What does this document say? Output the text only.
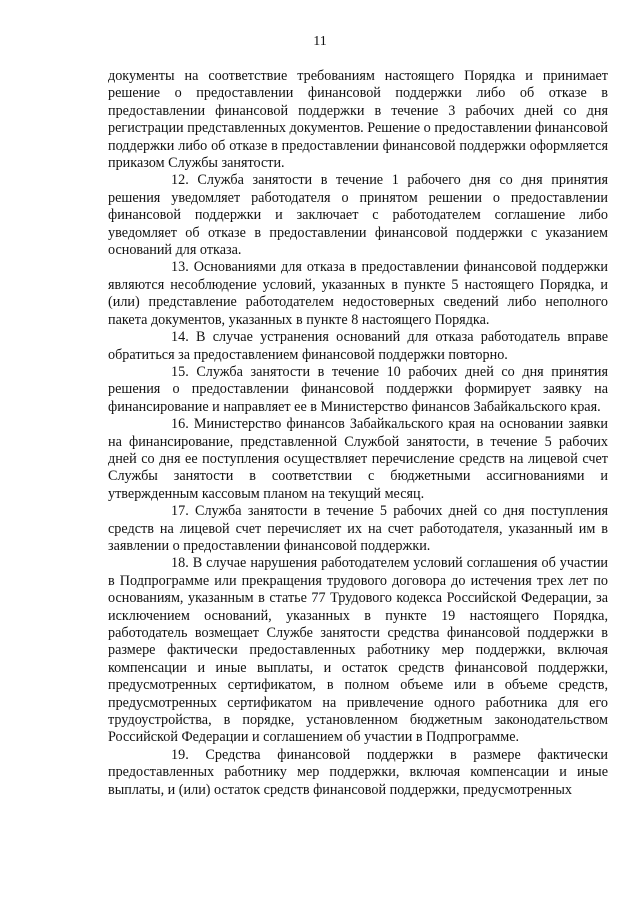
11

документы на соответствие требованиям настоящего Порядка и принимает решение о предоставлении финансовой поддержки либо об отказе в предоставлении финансовой поддержки в течение 3 рабочих дней со дня регистрации представленных документов. Решение о предоставлении финансовой поддержки либо об отказе в предоставлении финансовой поддержки оформляется приказом Службы занятости.

12. Служба занятости в течение 1 рабочего дня со дня принятия решения уведомляет работодателя о принятом решении о предоставлении финансовой поддержки и заключает с работодателем соглашение либо уведомляет об отказе в предоставлении финансовой поддержки с указанием оснований для отказа.

13. Основаниями для отказа в предоставлении финансовой поддержки являются несоблюдение условий, указанных в пункте 5 настоящего Порядка, и (или) представление работодателем недостоверных сведений либо неполного пакета документов, указанных в пункте 8 настоящего Порядка.

14. В случае устранения оснований для отказа работодатель вправе обратиться за предоставлением финансовой поддержки повторно.

15. Служба занятости в течение 10 рабочих дней со дня принятия решения о предоставлении финансовой поддержки формирует заявку на финансирование и направляет ее в Министерство финансов Забайкальского края.

16. Министерство финансов Забайкальского края на основании заявки на финансирование, представленной Службой занятости, в течение 5 рабочих дней со дня ее поступления осуществляет перечисление средств на лицевой счет Службы занятости в соответствии с бюджетными ассигнованиями и утвержденным кассовым планом на текущий месяц.

17. Служба занятости в течение 5 рабочих дней со дня поступления средств на лицевой счет перечисляет их на счет работодателя, указанный им в заявлении о предоставлении финансовой поддержки.

18. В случае нарушения работодателем условий соглашения об участии в Подпрограмме или прекращения трудового договора до истечения трех лет по основаниям, указанным в статье 77 Трудового кодекса Российской Федерации, за исключением оснований, указанных в пункте 19 настоящего Порядка, работодатель возмещает Службе занятости средства финансовой поддержки в размере фактически предоставленных работнику мер поддержки, включая компенсации и иные выплаты, и остаток средств финансовой поддержки, предусмотренных сертификатом, в полном объеме или в объеме средств, предусмотренных сертификатом на привлечение одного работника для его трудоустройства, в порядке, установленном бюджетным законодательством Российской Федерации и соглашением об участии в Подпрограмме.

19. Средства финансовой поддержки в размере фактически предоставленных работнику мер поддержки, включая компенсации и иные выплаты, и (или) остаток средств финансовой поддержки, предусмотренных
